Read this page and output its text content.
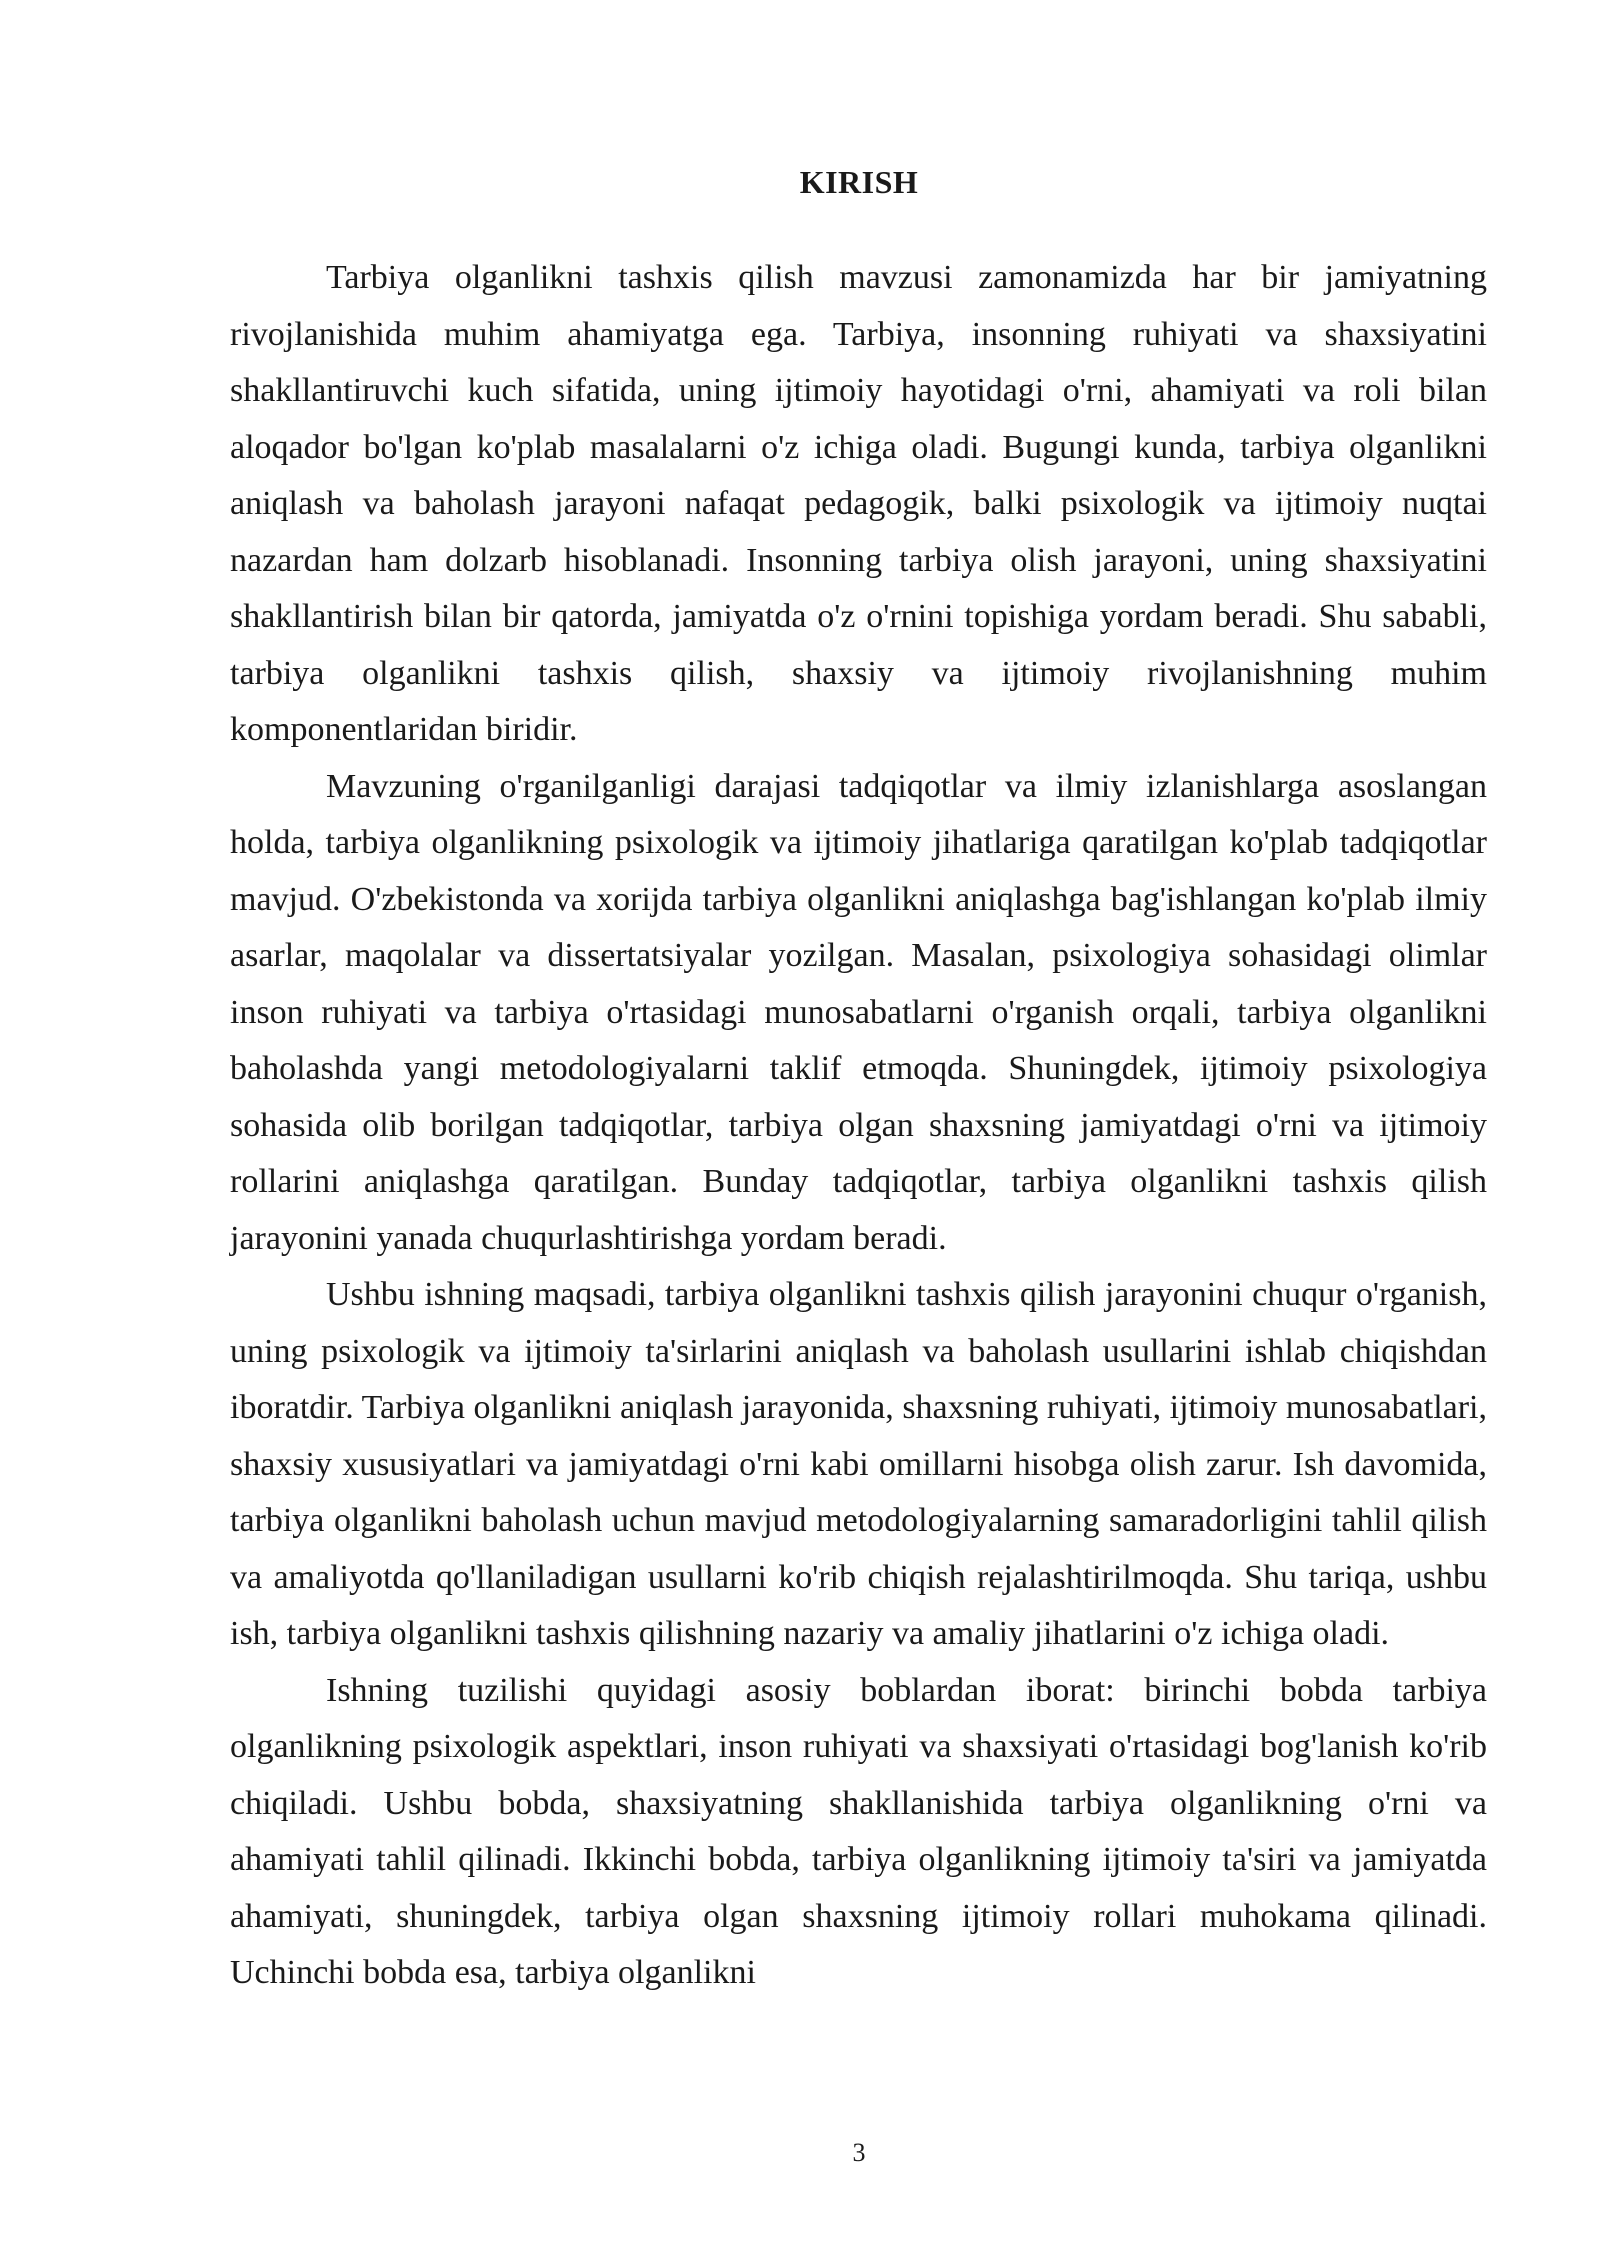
KIRISH

Tarbiya olganlikni tashxis qilish mavzusi zamonamizda har bir jamiyatning rivojlanishida muhim ahamiyatga ega. Tarbiya, insonning ruhiyati va shaxsiyatini shakllantiruvchi kuch sifatida, uning ijtimoiy hayotidagi o'rni, ahamiyati va roli bilan aloqador bo'lgan ko'plab masalalarni o'z ichiga oladi. Bugungi kunda, tarbiya olganlikni aniqlash va baholash jarayoni nafaqat pedagogik, balki psixologik va ijtimoiy nuqtai nazardan ham dolzarb hisoblanadi. Insonning tarbiya olish jarayoni, uning shaxsiyatini shakllantirish bilan bir qatorda, jamiyatda o'z o'rnini topishiga yordam beradi. Shu sababli, tarbiya olganlikni tashxis qilish, shaxsiy va ijtimoiy rivojlanishning muhim komponentlaridan biridir.

Mavzuning o'rganilganligi darajasi tadqiqotlar va ilmiy izlanishlarga asoslangan holda, tarbiya olganlikning psixologik va ijtimoiy jihatlariga qaratilgan ko'plab tadqiqotlar mavjud. O'zbekistonda va xorijda tarbiya olganlikni aniqlashga bag'ishlangan ko'plab ilmiy asarlar, maqolalar va dissertatsiyalar yozilgan. Masalan, psixologiya sohasidagi olimlar inson ruhiyati va tarbiya o'rtasidagi munosabatlarni o'rganish orqali, tarbiya olganlikni baholashda yangi metodologiyalarni taklif etmoqda. Shuningdek, ijtimoiy psixologiya sohasida olib borilgan tadqiqotlar, tarbiya olgan shaxsning jamiyatdagi o'rni va ijtimoiy rollarini aniqlashga qaratilgan. Bunday tadqiqotlar, tarbiya olganlikni tashxis qilish jarayonini yanada chuqurlashtirishga yordam beradi.

Ushbu ishning maqsadi, tarbiya olganlikni tashxis qilish jarayonini chuqur o'rganish, uning psixologik va ijtimoiy ta'sirlarini aniqlash va baholash usullarini ishlab chiqishdan iboratdir. Tarbiya olganlikni aniqlash jarayonida, shaxsning ruhiyati, ijtimoiy munosabatlari, shaxsiy xususiyatlari va jamiyatdagi o'rni kabi omillarni hisobga olish zarur. Ish davomida, tarbiya olganlikni baholash uchun mavjud metodologiyalarning samaradorligini tahlil qilish va amaliyotda qo'llaniladigan usullarni ko'rib chiqish rejalashtirilmoqda. Shu tariqa, ushbu ish, tarbiya olganlikni tashxis qilishning nazariy va amaliy jihatlarini o'z ichiga oladi.

Ishning tuzilishi quyidagi asosiy boblardan iborat: birinchi bobda tarbiya olganlikning psixologik aspektlari, inson ruhiyati va shaxsiyati o'rtasidagi bog'lanish ko'rib chiqiladi. Ushbu bobda, shaxsiyatning shakllanishida tarbiya olganlikning o'rni va ahamiyati tahlil qilinadi. Ikkinchi bobda, tarbiya olganlikning ijtimoiy ta'siri va jamiyatda ahamiyati, shuningdek, tarbiya olgan shaxsning ijtimoiy rollari muhokama qilinadi. Uchinchi bobda esa, tarbiya olganlikni

3
